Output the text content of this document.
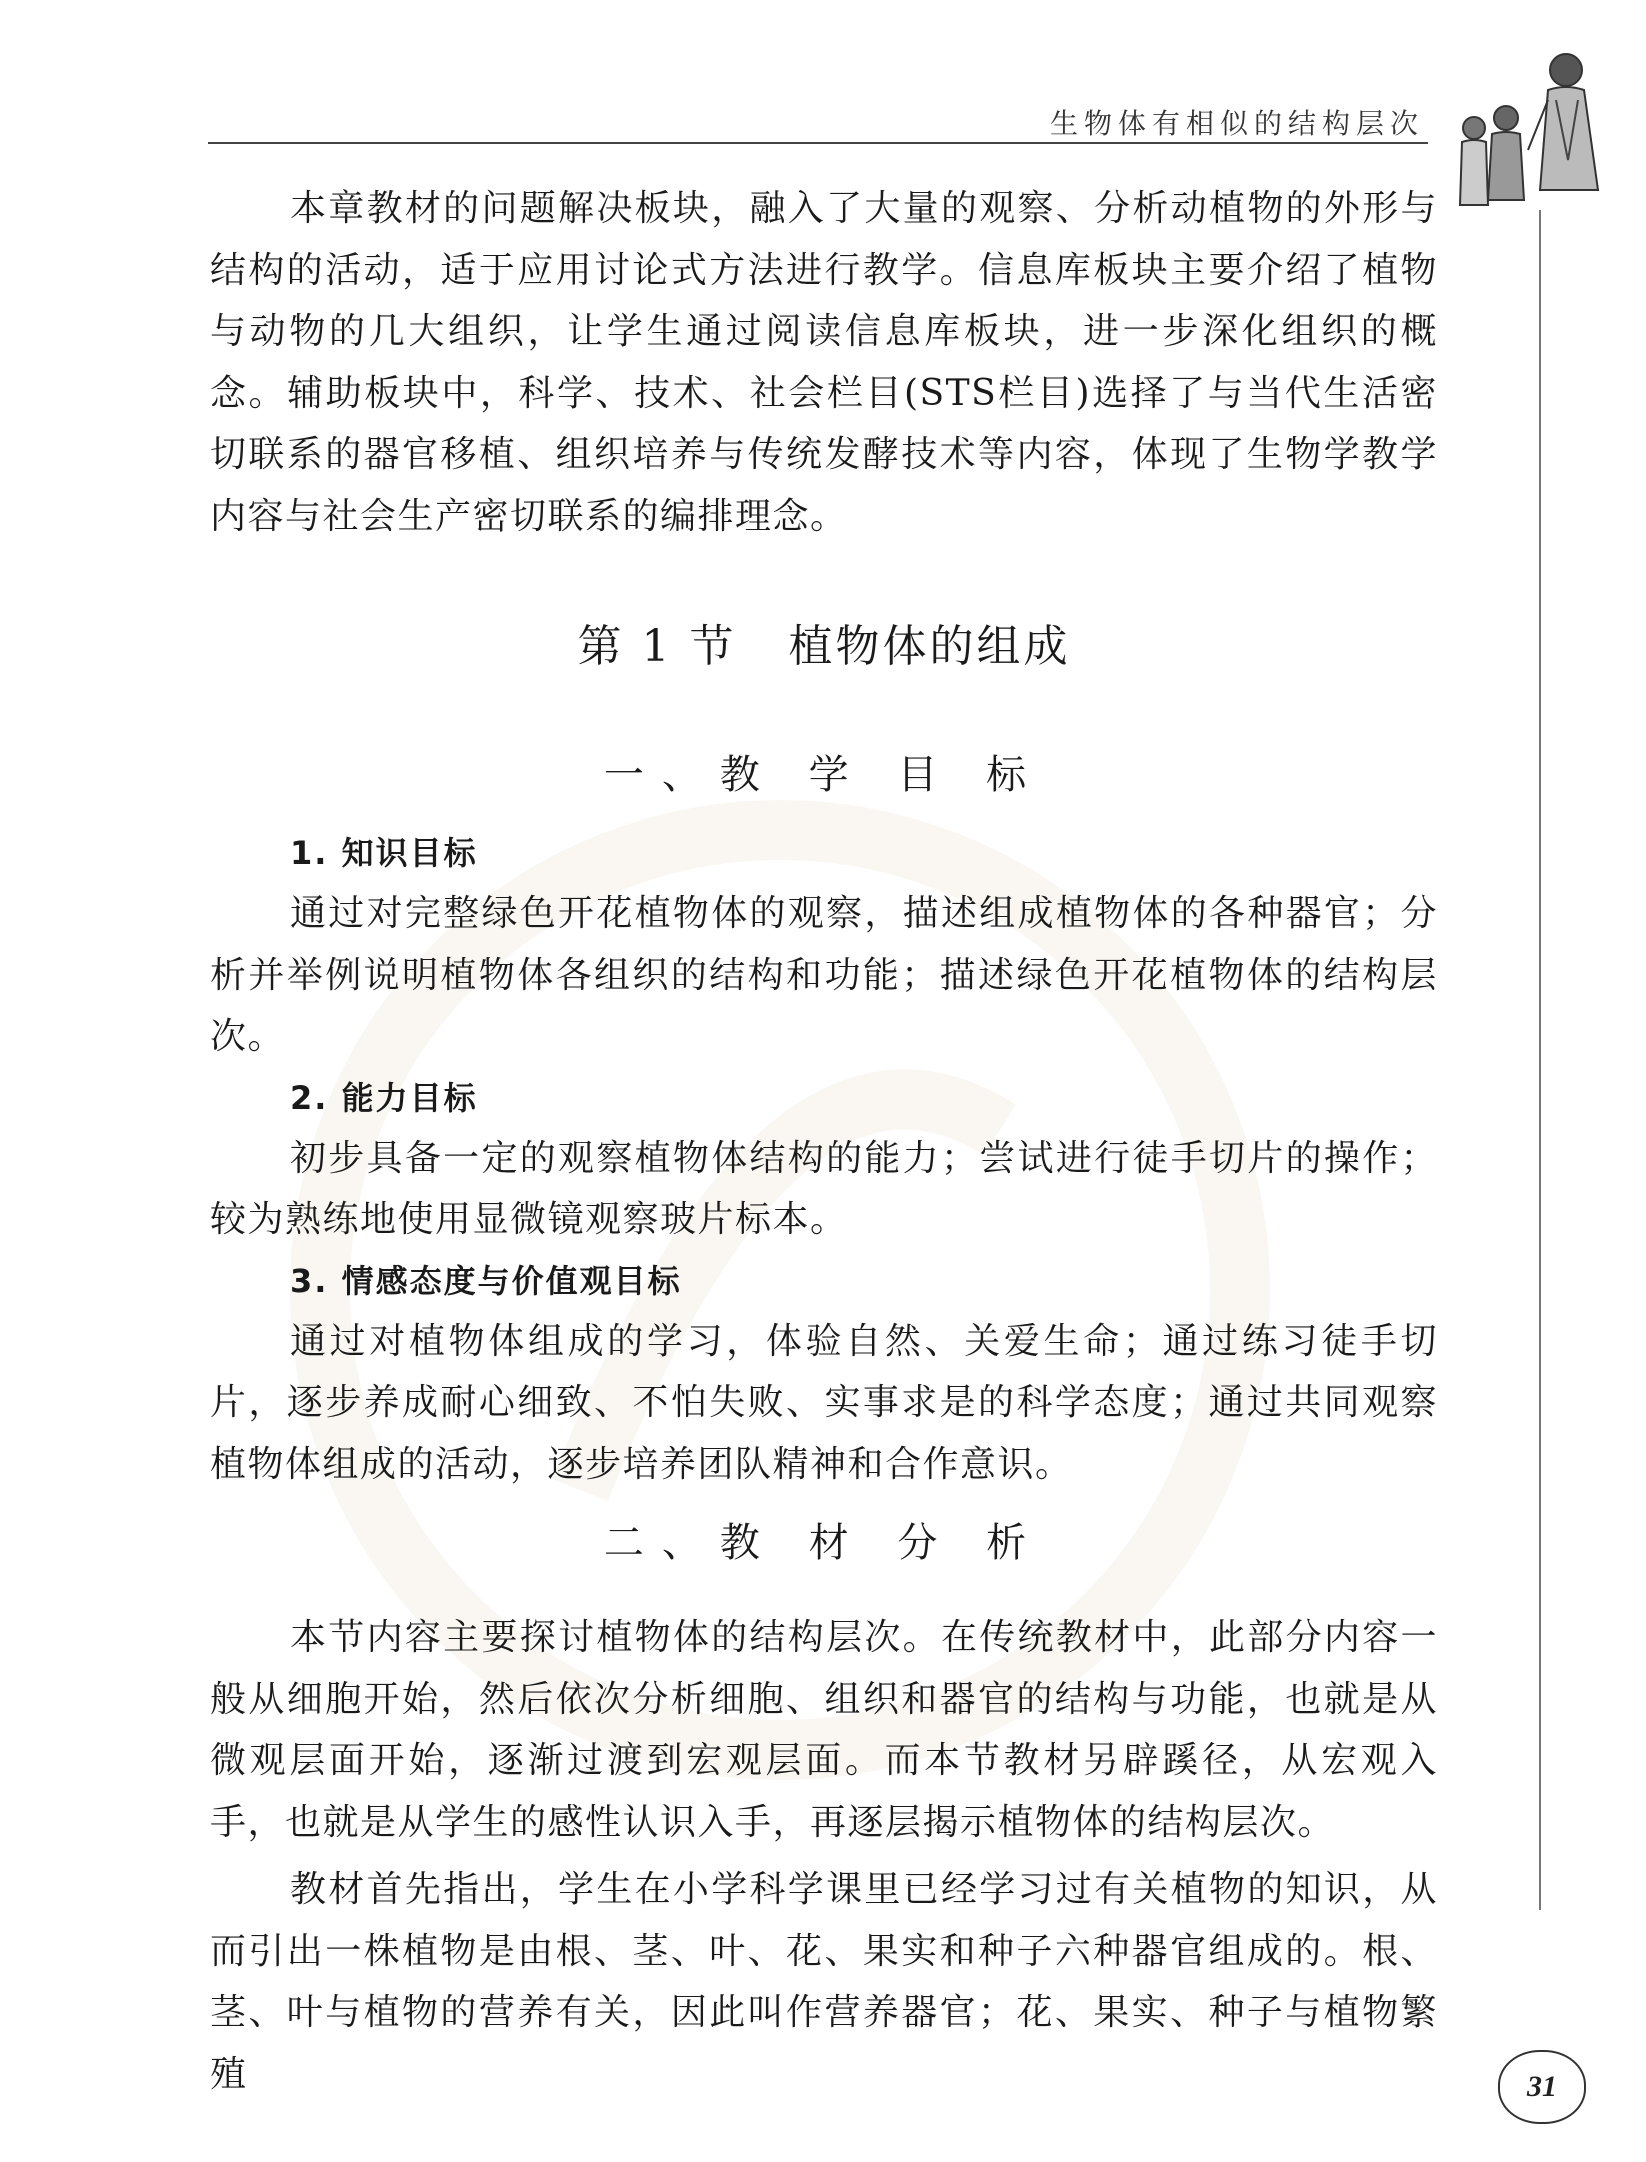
生物体有相似的结构层次

本章教材的问题解决板块，融入了大量的观察、分析动植物的外形与结构的活动，适于应用讨论式方法进行教学。信息库板块主要介绍了植物与动物的几大组织，让学生通过阅读信息库板块，进一步深化组织的概念。辅助板块中，科学、技术、社会栏目(STS栏目)选择了与当代生活密切联系的器官移植、组织培养与传统发酵技术等内容，体现了生物学教学内容与社会生产密切联系的编排理念。

第 1 节 植物体的组成
一、教 学 目 标
1. 知识目标

通过对完整绿色开花植物体的观察，描述组成植物体的各种器官；分析并举例说明植物体各组织的结构和功能；描述绿色开花植物体的结构层次。

2. 能力目标

初步具备一定的观察植物体结构的能力；尝试进行徒手切片的操作；较为熟练地使用显微镜观察玻片标本。

3. 情感态度与价值观目标

通过对植物体组成的学习，体验自然、关爱生命；通过练习徒手切片，逐步养成耐心细致、不怕失败、实事求是的科学态度；通过共同观察植物体组成的活动，逐步培养团队精神和合作意识。

二、教 材 分 析

本节内容主要探讨植物体的结构层次。在传统教材中，此部分内容一般从细胞开始，然后依次分析细胞、组织和器官的结构与功能，也就是从微观层面开始，逐渐过渡到宏观层面。而本节教材另辟蹊径，从宏观入手，也就是从学生的感性认识入手，再逐层揭示植物体的结构层次。

教材首先指出，学生在小学科学课里已经学习过有关植物的知识，从而引出一株植物是由根、茎、叶、花、果实和种子六种器官组成的。根、茎、叶与植物的营养有关，因此叫作营养器官；花、果实、种子与植物繁殖	31
